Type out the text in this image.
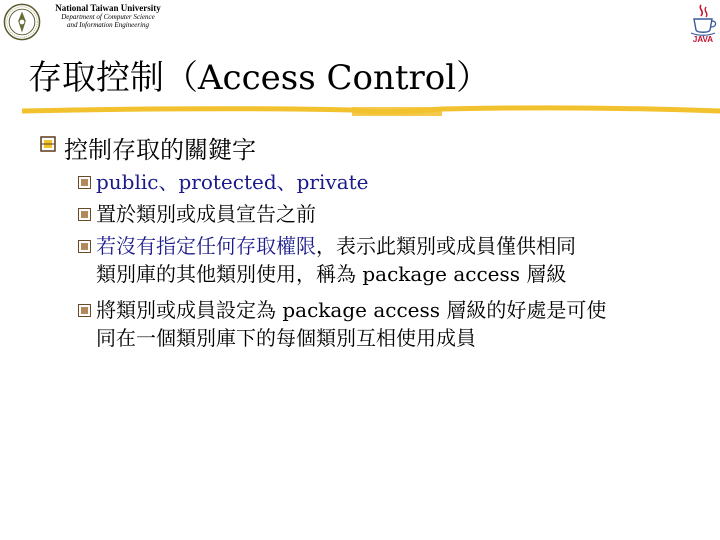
National Taiwan University
Department of Computer Science
and Information Engineering
JAVA
存取控制（Access Control）
控制存取的關鍵字
public、protected、private
置於類別或成員宣告之前
若沒有指定任何存取權限，表示此類別或成員僅供相同
類別庫的其他類別使用，稱為 package access 層級
將類別或成員設定為 package access 層級的好處是可使
同在一個類別庫下的每個類別互相使用成員
